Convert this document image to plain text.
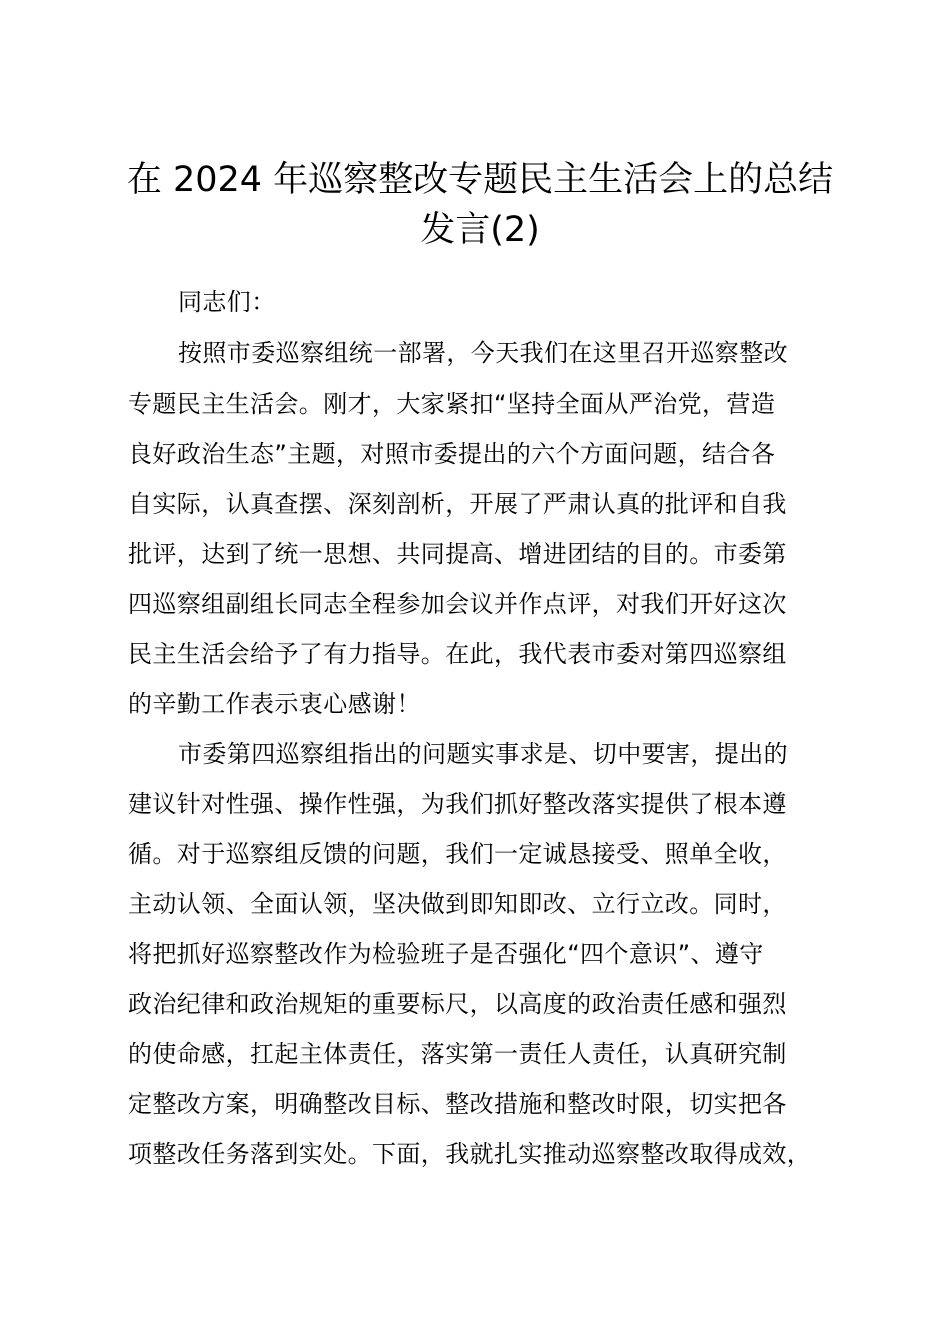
在 2024 年巡察整改专题民主生活会上的总结
发言(2)
同志们：
按照市委巡察组统一部署，今天我们在这里召开巡察整改
专题民主生活会。刚才，大家紧扣“坚持全面从严治党，营造
良好政治生态”主题，对照市委提出的六个方面问题，结合各
自实际，认真查摆、深刻剖析，开展了严肃认真的批评和自我
批评，达到了统一思想、共同提高、增进团结的目的。市委第
四巡察组副组长同志全程参加会议并作点评，对我们开好这次
民主生活会给予了有力指导。在此，我代表市委对第四巡察组
的辛勤工作表示衷心感谢！
市委第四巡察组指出的问题实事求是、切中要害，提出的
建议针对性强、操作性强，为我们抓好整改落实提供了根本遵
循。对于巡察组反馈的问题，我们一定诚恳接受、照单全收，
主动认领、全面认领，坚决做到即知即改、立行立改。同时，
将把抓好巡察整改作为检验班子是否强化“四个意识”、遵守
政治纪律和政治规矩的重要标尺，以高度的政治责任感和强烈
的使命感，扛起主体责任，落实第一责任人责任，认真研究制
定整改方案，明确整改目标、整改措施和整改时限，切实把各
项整改任务落到实处。下面，我就扎实推动巡察整改取得成效，
